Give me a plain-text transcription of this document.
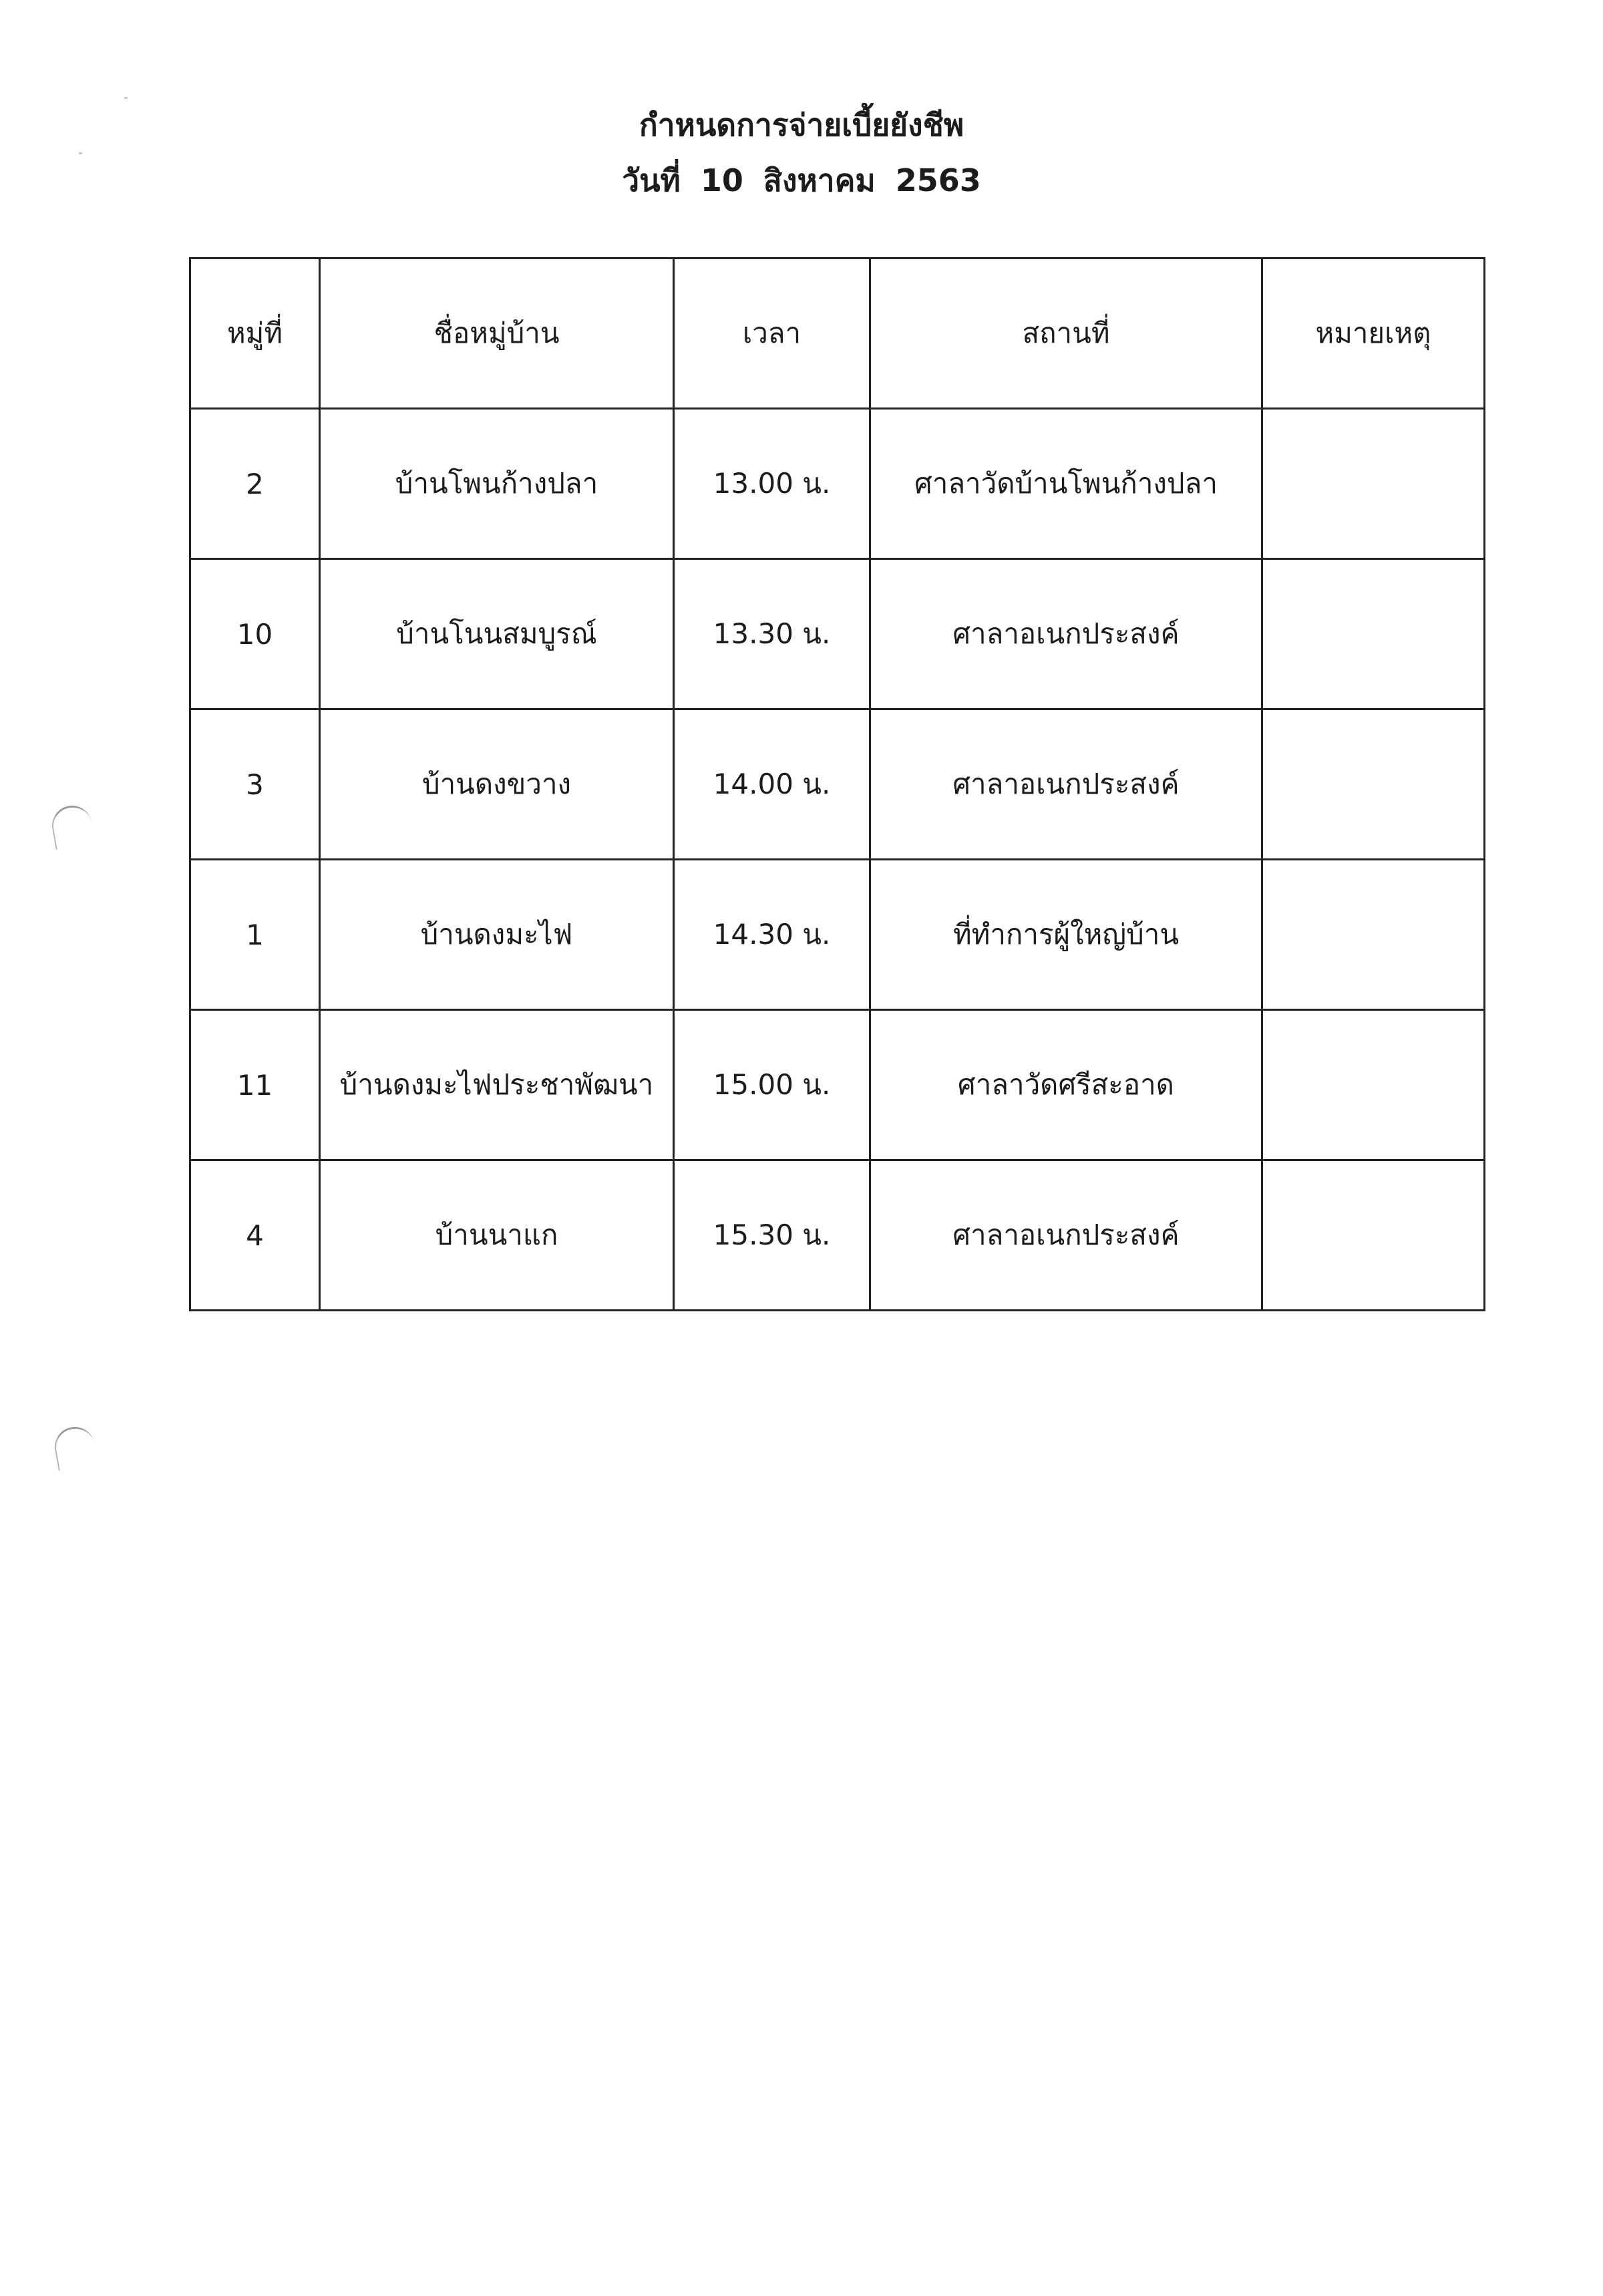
กำหนดการจ่ายเบี้ยยังชีพ
วันที่ 10 สิงหาคม 2563
หมู่ที่	ชื่อหมู่บ้าน	เวลา	สถานที่	หมายเหตุ
2	บ้านโพนก้างปลา	13.00 น.	ศาลาวัดบ้านโพนก้างปลา	
10	บ้านโนนสมบูรณ์	13.30 น.	ศาลาอเนกประสงค์	
3	บ้านดงขวาง	14.00 น.	ศาลาอเนกประสงค์	
1	บ้านดงมะไฟ	14.30 น.	ที่ทำการผู้ใหญ่บ้าน	
11	บ้านดงมะไฟประชาพัฒนา	15.00 น.	ศาลาวัดศรีสะอาด	
4	บ้านนาแก	15.30 น.	ศาลาอเนกประสงค์	
